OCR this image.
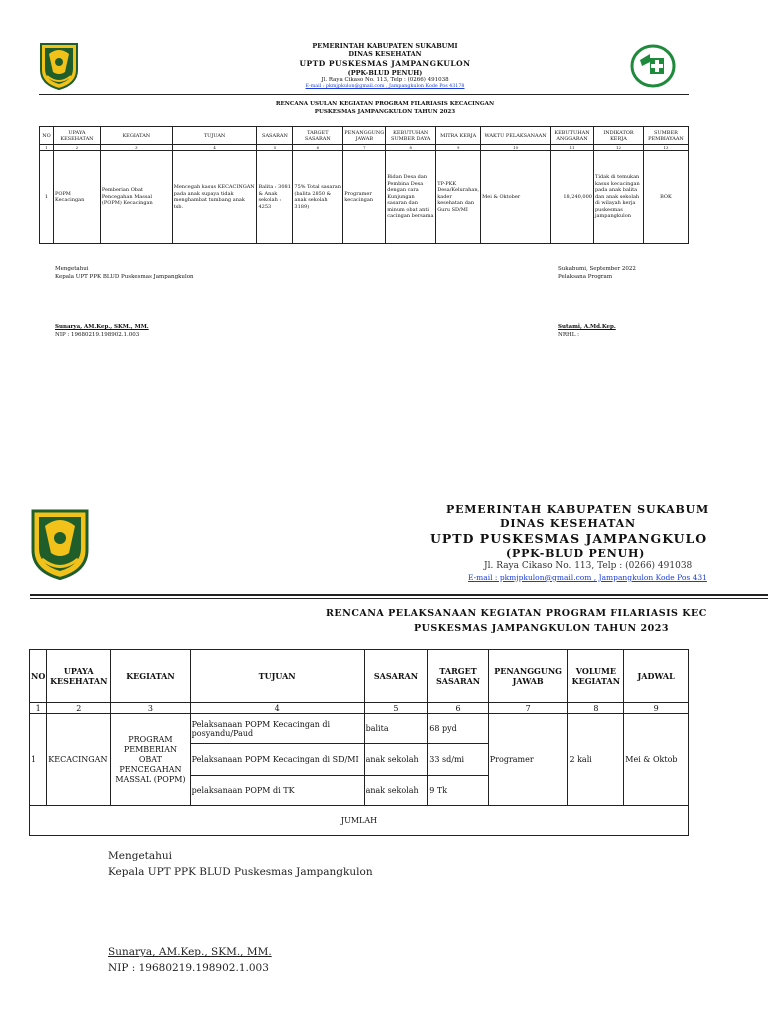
PEMERINTAH KABUPATEN SUKABUMI
DINAS KESEHATAN
UPTD PUSKESMAS JAMPANGKULON
(PPK-BLUD PENUH)
Jl. Raya Cikaso No. 113, Telp : (0266) 491038
E-mail : pkmjpkulon@gmail.com , Jampangkulon Kode Pos 43178
RENCANA USULAN KEGIATAN PROGRAM FILARIASIS KECACINGAN
PUSKESMAS JAMPANGKULON TAHUN 2023
NO	UPAYA KESEHATAN	KEGIATAN	TUJUAN	SASARAN	TARGET SASARAN	PENANGGUNG JAWAB	KEBUTUHAN SUMBER DAYA	MITRA KERJA	WAKTU PELAKSANAAN	KEBUTUHAN ANGGARAN	INDIKATOR KERJA	SUMBER PEMBIAYAAN
1	2	3	4	5	6	7	8	9	10	11	12	13
1	POPM Kecacingan	Pemberian Obat Pencegahan Massal (POPM) Kecacingan	Mencegah kasus KECACINGAN pada anak supaya tidak menghambat tumbang anak tsb.	Balita : 3081 & Anak sekolah : 4253	75% Total sasaran (balita 2850 & anak sekolah 3189)	Programer kecacingan	Bidan Desa dan Pembina Desa dengan cara Kunjungan sasaran dan minum obat anti cacingan bersama	TP-PKK Desa/Kelurahan, kader kesehatan dan Guru SD/MI	Mei & Oktober	18,240,000	Tidak di temukan kasus kecacingan pada anak balita dan anak sekolah di wilayah kerja puskesmas jampangkulon	BOK
Mengetahui
Kepala UPT PPK BLUD Puskesmas Jampangkulon
Sunarya, AM.Kep., SKM., MM.
NIP : 19680219.198902.1.003
Sukabumi, September 2022
Pelaksana Program
Sutami, A.Md.Kep.
NRHL :
PEMERINTAH KABUPATEN SUKABUM
DINAS KESEHATAN
UPTD PUSKESMAS JAMPANGKULO
(PPK-BLUD PENUH)
Jl. Raya Cikaso No. 113, Telp : (0266) 491038
E-mail : pkmjpkulon@gmail.com , Jampangkulon Kode Pos 431
RENCANA PELAKSANAAN KEGIATAN PROGRAM FILARIASIS KEC
PUSKESMAS JAMPANGKULON TAHUN 2023
NO	UPAYA KESEHATAN	KEGIATAN	TUJUAN	SASARAN	TARGET SASARAN	PENANGGUNG JAWAB	VOLUME KEGIATAN	JADWAL
1	2	3	4	5	6	7	8	9
1	KECACINGAN	PROGRAM PEMBERIAN OBAT PENCEGAHAN MASSAL (POPM)	Pelaksanaan POPM Kecacingan di posyandu/Paud	balita	68 pyd	Programer	2 kali	Mei & Oktob
			Pelaksanaan POPM Kecacingan di SD/MI	anak sekolah	33 sd/mi			
			pelaksanaan POPM di TK	anak sekolah	9 Tk			
JUMLAH								
Mengetahui
Kepala UPT PPK BLUD Puskesmas Jampangkulon
Sunarya, AM.Kep., SKM., MM.
NIP : 19680219.198902.1.003
